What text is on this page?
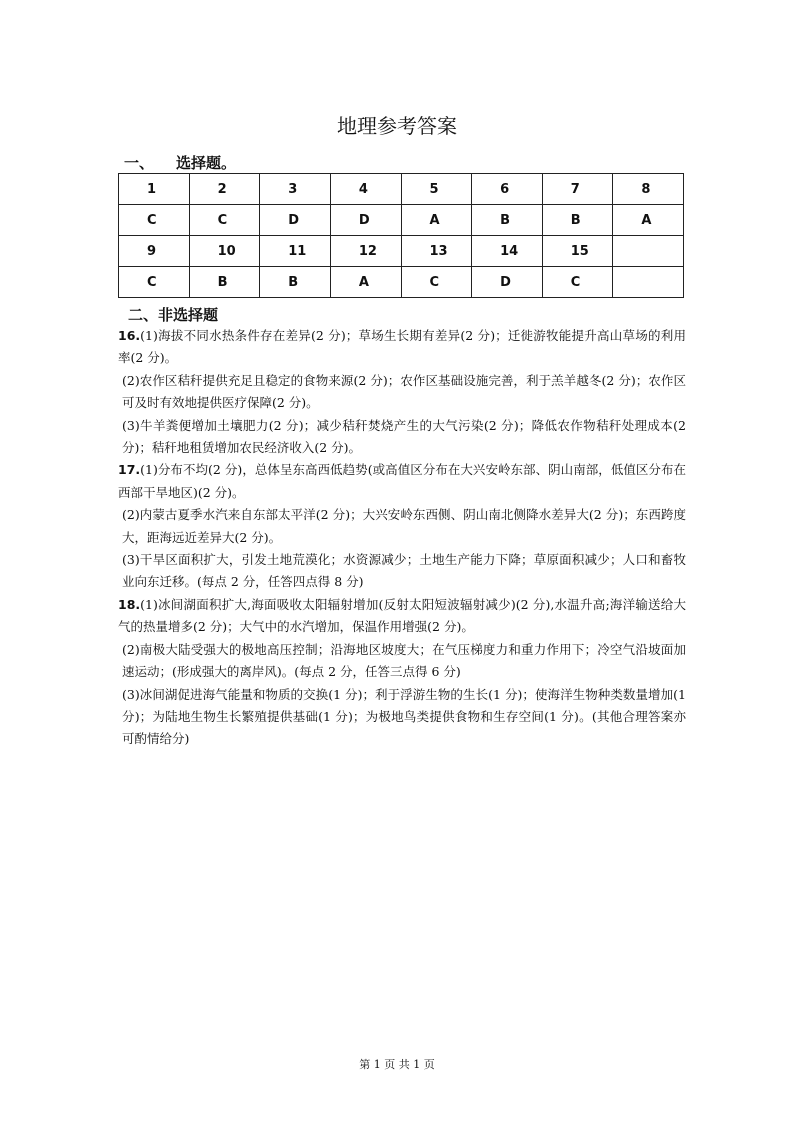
地理参考答案
一、 选择题。
1	2	3	4	5	6	7	8
C	C	D	D	A	B	B	A
9	10	11	12	13	14	15	
C	B	B	A	C	D	C	
二、非选择题

16.(1)海拔不同水热条件存在差异(2 分)；草场生长期有差异(2 分)；迁徙游牧能提升高山草场的利用率(2 分)。

(2)农作区秸秆提供充足且稳定的食物来源(2 分)；农作区基础设施完善，利于羔羊越冬(2 分)；农作区可及时有效地提供医疗保障(2 分)。

(3)牛羊粪便增加土壤肥力(2 分)；减少秸秆焚烧产生的大气污染(2 分)；降低农作物秸秆处理成本(2 分)；秸秆地租赁增加农民经济收入(2 分)。

17.(1)分布不均(2 分)，总体呈东高西低趋势(或高值区分布在大兴安岭东部、阴山南部，低值区分布在西部干旱地区)(2 分)。

(2)内蒙古夏季水汽来自东部太平洋(2 分)；大兴安岭东西侧、阴山南北侧降水差异大(2 分)；东西跨度大，距海远近差异大(2 分)。

(3)干旱区面积扩大，引发土地荒漠化；水资源减少；土地生产能力下降；草原面积减少；人口和畜牧业向东迁移。(每点 2 分，任答四点得 8 分)

18.(1)冰间湖面积扩大,海面吸收太阳辐射增加(反射太阳短波辐射减少)(2 分),水温升高;海洋输送给大气的热量增多(2 分)；大气中的水汽增加，保温作用增强(2 分)。

(2)南极大陆受强大的极地高压控制；沿海地区坡度大；在气压梯度力和重力作用下；冷空气沿坡面加速运动；(形成强大的离岸风)。(每点 2 分，任答三点得 6 分)

(3)冰间湖促进海气能量和物质的交换(1 分)；利于浮游生物的生长(1 分)；使海洋生物种类数量增加(1 分)；为陆地生物生长繁殖提供基础(1 分)；为极地鸟类提供食物和生存空间(1 分)。(其他合理答案亦可酌情给分)

第 1 页 共 1 页
